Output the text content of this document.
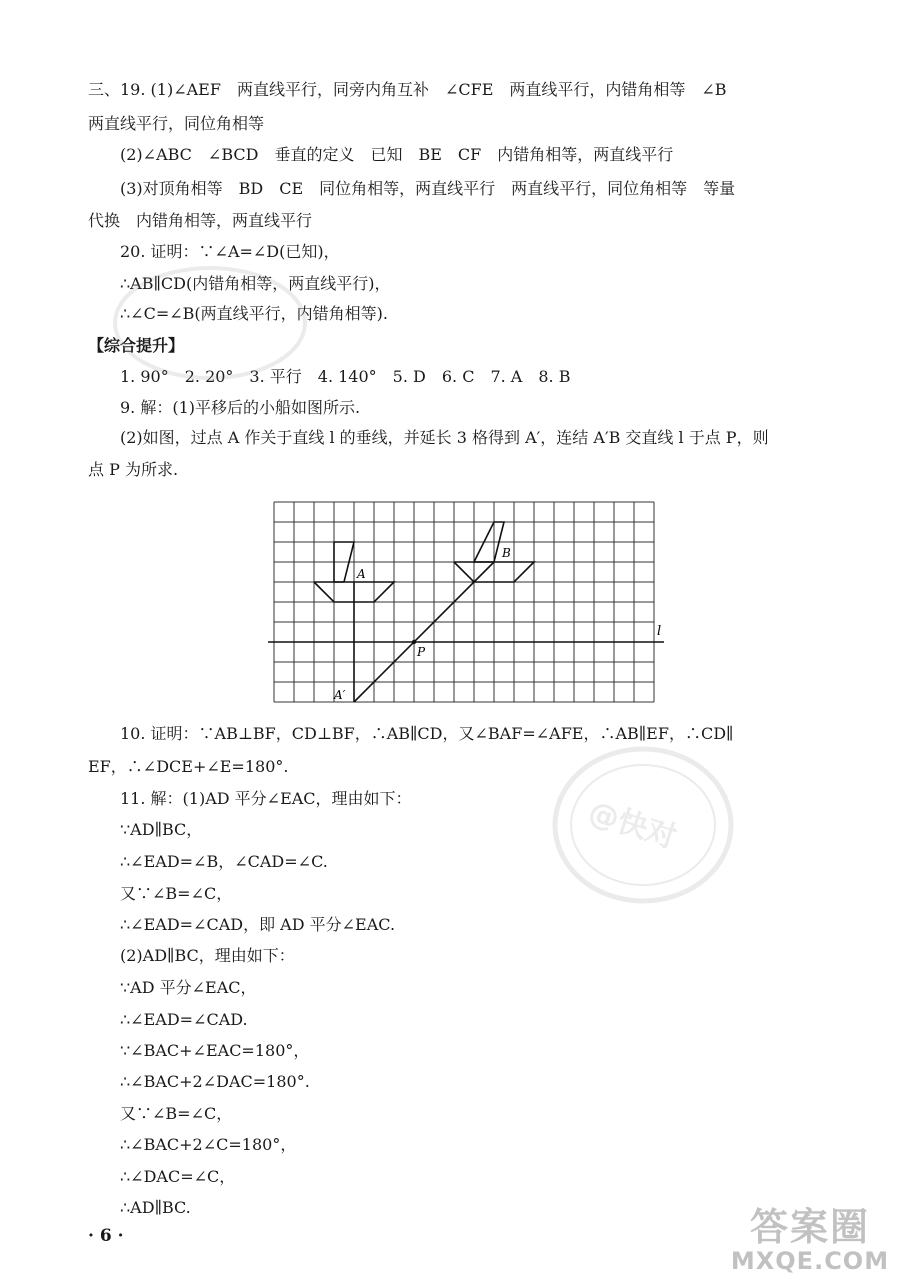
三、19. (1)∠AEF　两直线平行，同旁内角互补　∠CFE　两直线平行，内错角相等　∠B
两直线平行，同位角相等
(2)∠ABC　∠BCD　垂直的定义　已知　BE　CF　内错角相等，两直线平行
(3)对顶角相等　BD　CE　同位角相等，两直线平行　两直线平行，同位角相等　等量
代换　内错角相等，两直线平行
20. 证明：∵∠A=∠D(已知)，
∴AB∥CD(内错角相等，两直线平行)，
∴∠C=∠B(两直线平行，内错角相等).
【综合提升】
1. 90°　2. 20°　3. 平行　4. 140°　5. D　6. C　7. A　8. B
9. 解：(1)平移后的小船如图所示.
(2)如图，过点 A 作关于直线 l 的垂线，并延长 3 格得到 A′，连结 A′B 交直线 l 于点 P，则
点 P 为所求.
10. 证明：∵AB⊥BF，CD⊥BF，∴AB∥CD，又∠BAF=∠AFE，∴AB∥EF，∴CD∥
EF，∴∠DCE+∠E=180°.
11. 解：(1)AD 平分∠EAC，理由如下：
∵AD∥BC，
∴∠EAD=∠B，∠CAD=∠C.
又∵∠B=∠C，
∴∠EAD=∠CAD，即 AD 平分∠EAC.
(2)AD∥BC，理由如下：
∵AD 平分∠EAC，
∴∠EAD=∠CAD.
∵∠BAC+∠EAC=180°，
∴∠BAC+2∠DAC=180°.
又∵∠B=∠C，
∴∠BAC+2∠C=180°，
∴∠DAC=∠C，
∴AD∥BC.
· 6 ·
A
B
P
A′
l
@快对
答案圈
MXQE.COM
